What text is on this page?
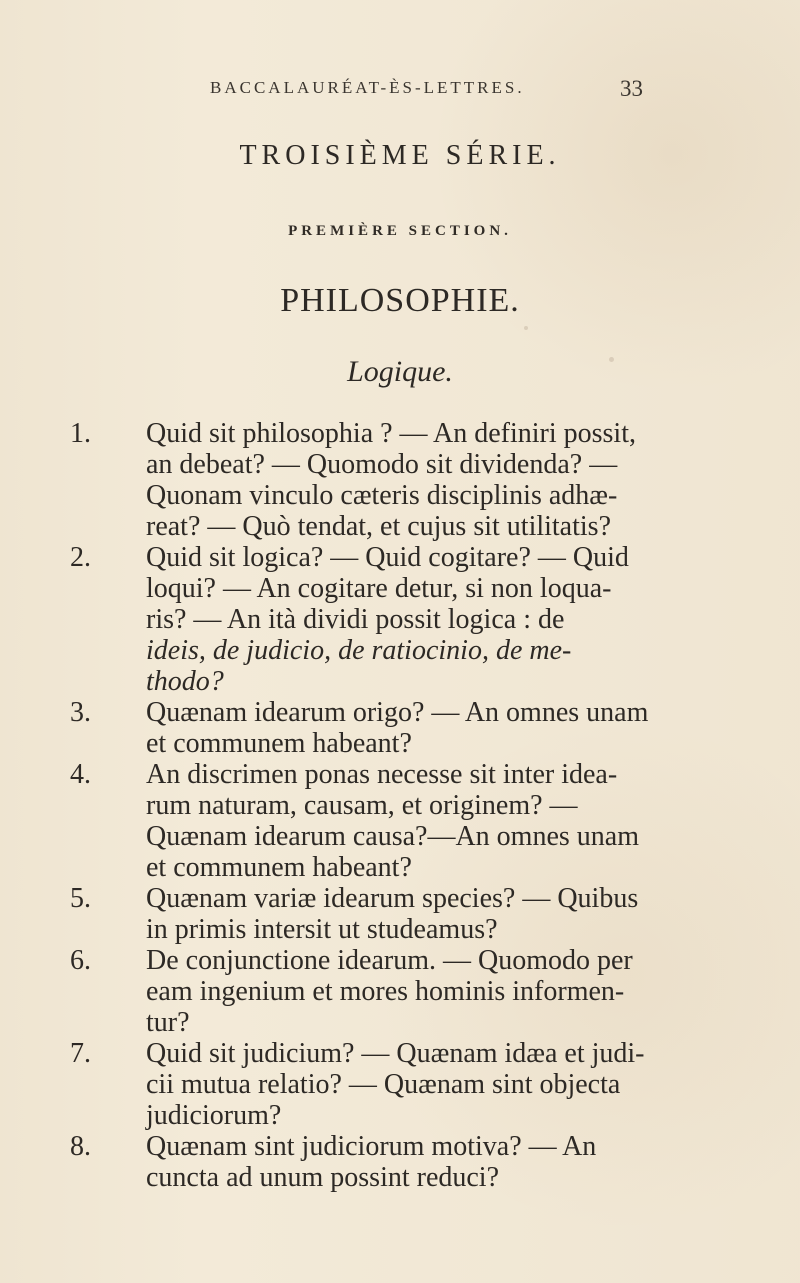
BACCALAURÉAT-ÈS-LETTRES.	33
TROISIÈME SÉRIE.
PREMIÈRE SECTION.
PHILOSOPHIE.
Logique.
1.	Quid sit philosophia ? — An definiri possit,
an debeat? — Quomodo sit dividenda? —
Quonam vinculo cæteris disciplinis adhæ-
reat? — Quò tendat, et cujus sit utilitatis?
2.	Quid sit logica? — Quid cogitare? — Quid
loqui? — An cogitare detur, si non loqua-
ris? — An ità dividi possit logica : de
ideis, de judicio, de ratiocinio, de me-
thodo?
3.	Quænam idearum origo? — An omnes unam
et communem habeant?
4.	An discrimen ponas necesse sit inter idea-
rum naturam, causam, et originem? —
Quænam idearum causa?—An omnes unam
et communem habeant?
5.	Quænam variæ idearum species? — Quibus
in primis intersit ut studeamus?
6.	De conjunctione idearum. — Quomodo per
eam ingenium et mores hominis informen-
tur?
7.	Quid sit judicium? — Quænam idæa et judi-
cii mutua relatio? — Quænam sint objecta
judiciorum?
8.	Quænam sint judiciorum motiva? — An
cuncta ad unum possint reduci?
